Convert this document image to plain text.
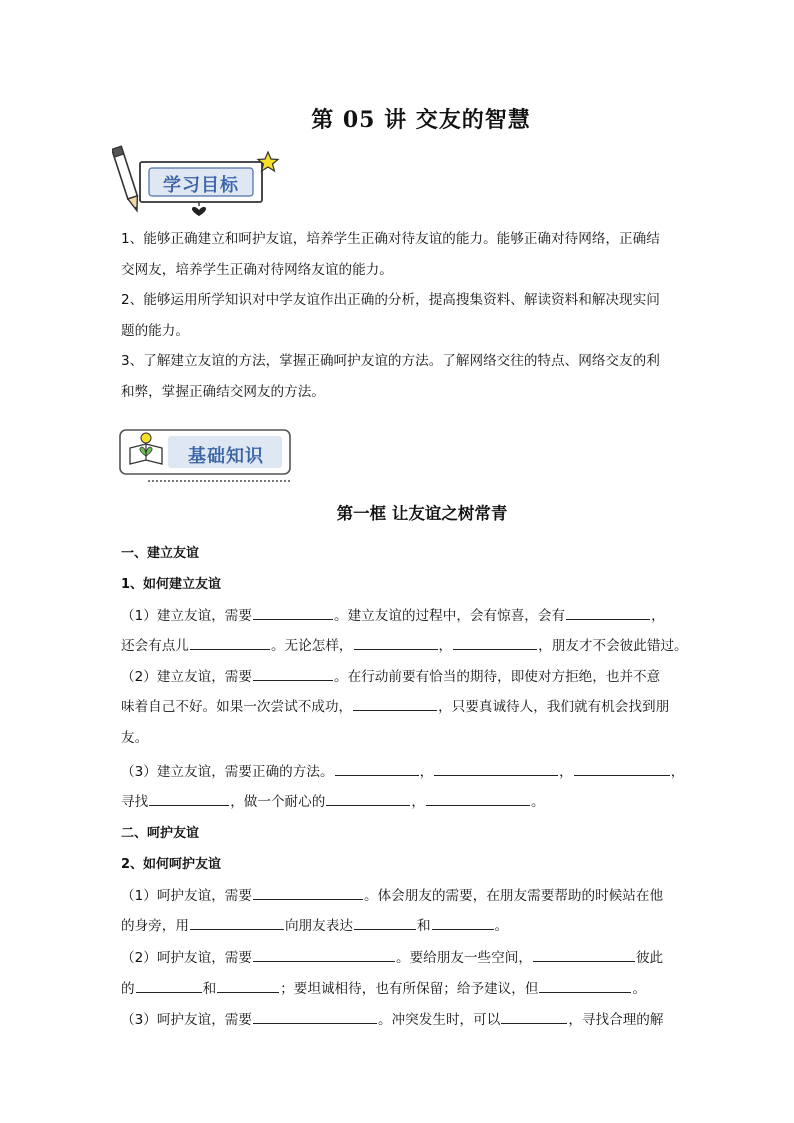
第 05 讲 交友的智慧
学习目标

1、能够正确建立和呵护友谊，培养学生正确对待友谊的能力。能够正确对待网络，正确结

交网友，培养学生正确对待网络友谊的能力。

2、能够运用所学知识对中学友谊作出正确的分析，提高搜集资料、解读资料和解决现实问

题的能力。

3、了解建立友谊的方法，掌握正确呵护友谊的方法。了解网络交往的特点、网络交友的利

和弊，掌握正确结交网友的方法。

基础知识
第一框 让友谊之树常青
一、建立友谊
1、如何建立友谊
（1）建立友谊，需要	。建立友谊的过程中，会有惊喜，会有	，
还会有点儿	。无论怎样，	，	，朋友才不会彼此错过。
（2）建立友谊，需要	。在行动前要有恰当的期待，即使对方拒绝，也并不意
味着自己不好。如果一次尝试不成功，	，只要真诚待人，我们就有机会找到朋
友。
（3）建立友谊，需要正确的方法。	，	，	，
寻找	，做一个耐心的	，	。
二、呵护友谊
2、如何呵护友谊
（1）呵护友谊，需要	。体会朋友的需要，在朋友需要帮助的时候站在他
的身旁，用	向朋友表达	和	。
（2）呵护友谊，需要	。要给朋友一些空间，	彼此
的	和	；要坦诚相待，也有所保留；给予建议，但	。
（3）呵护友谊，需要	。冲突发生时，可以	，寻找合理的解
